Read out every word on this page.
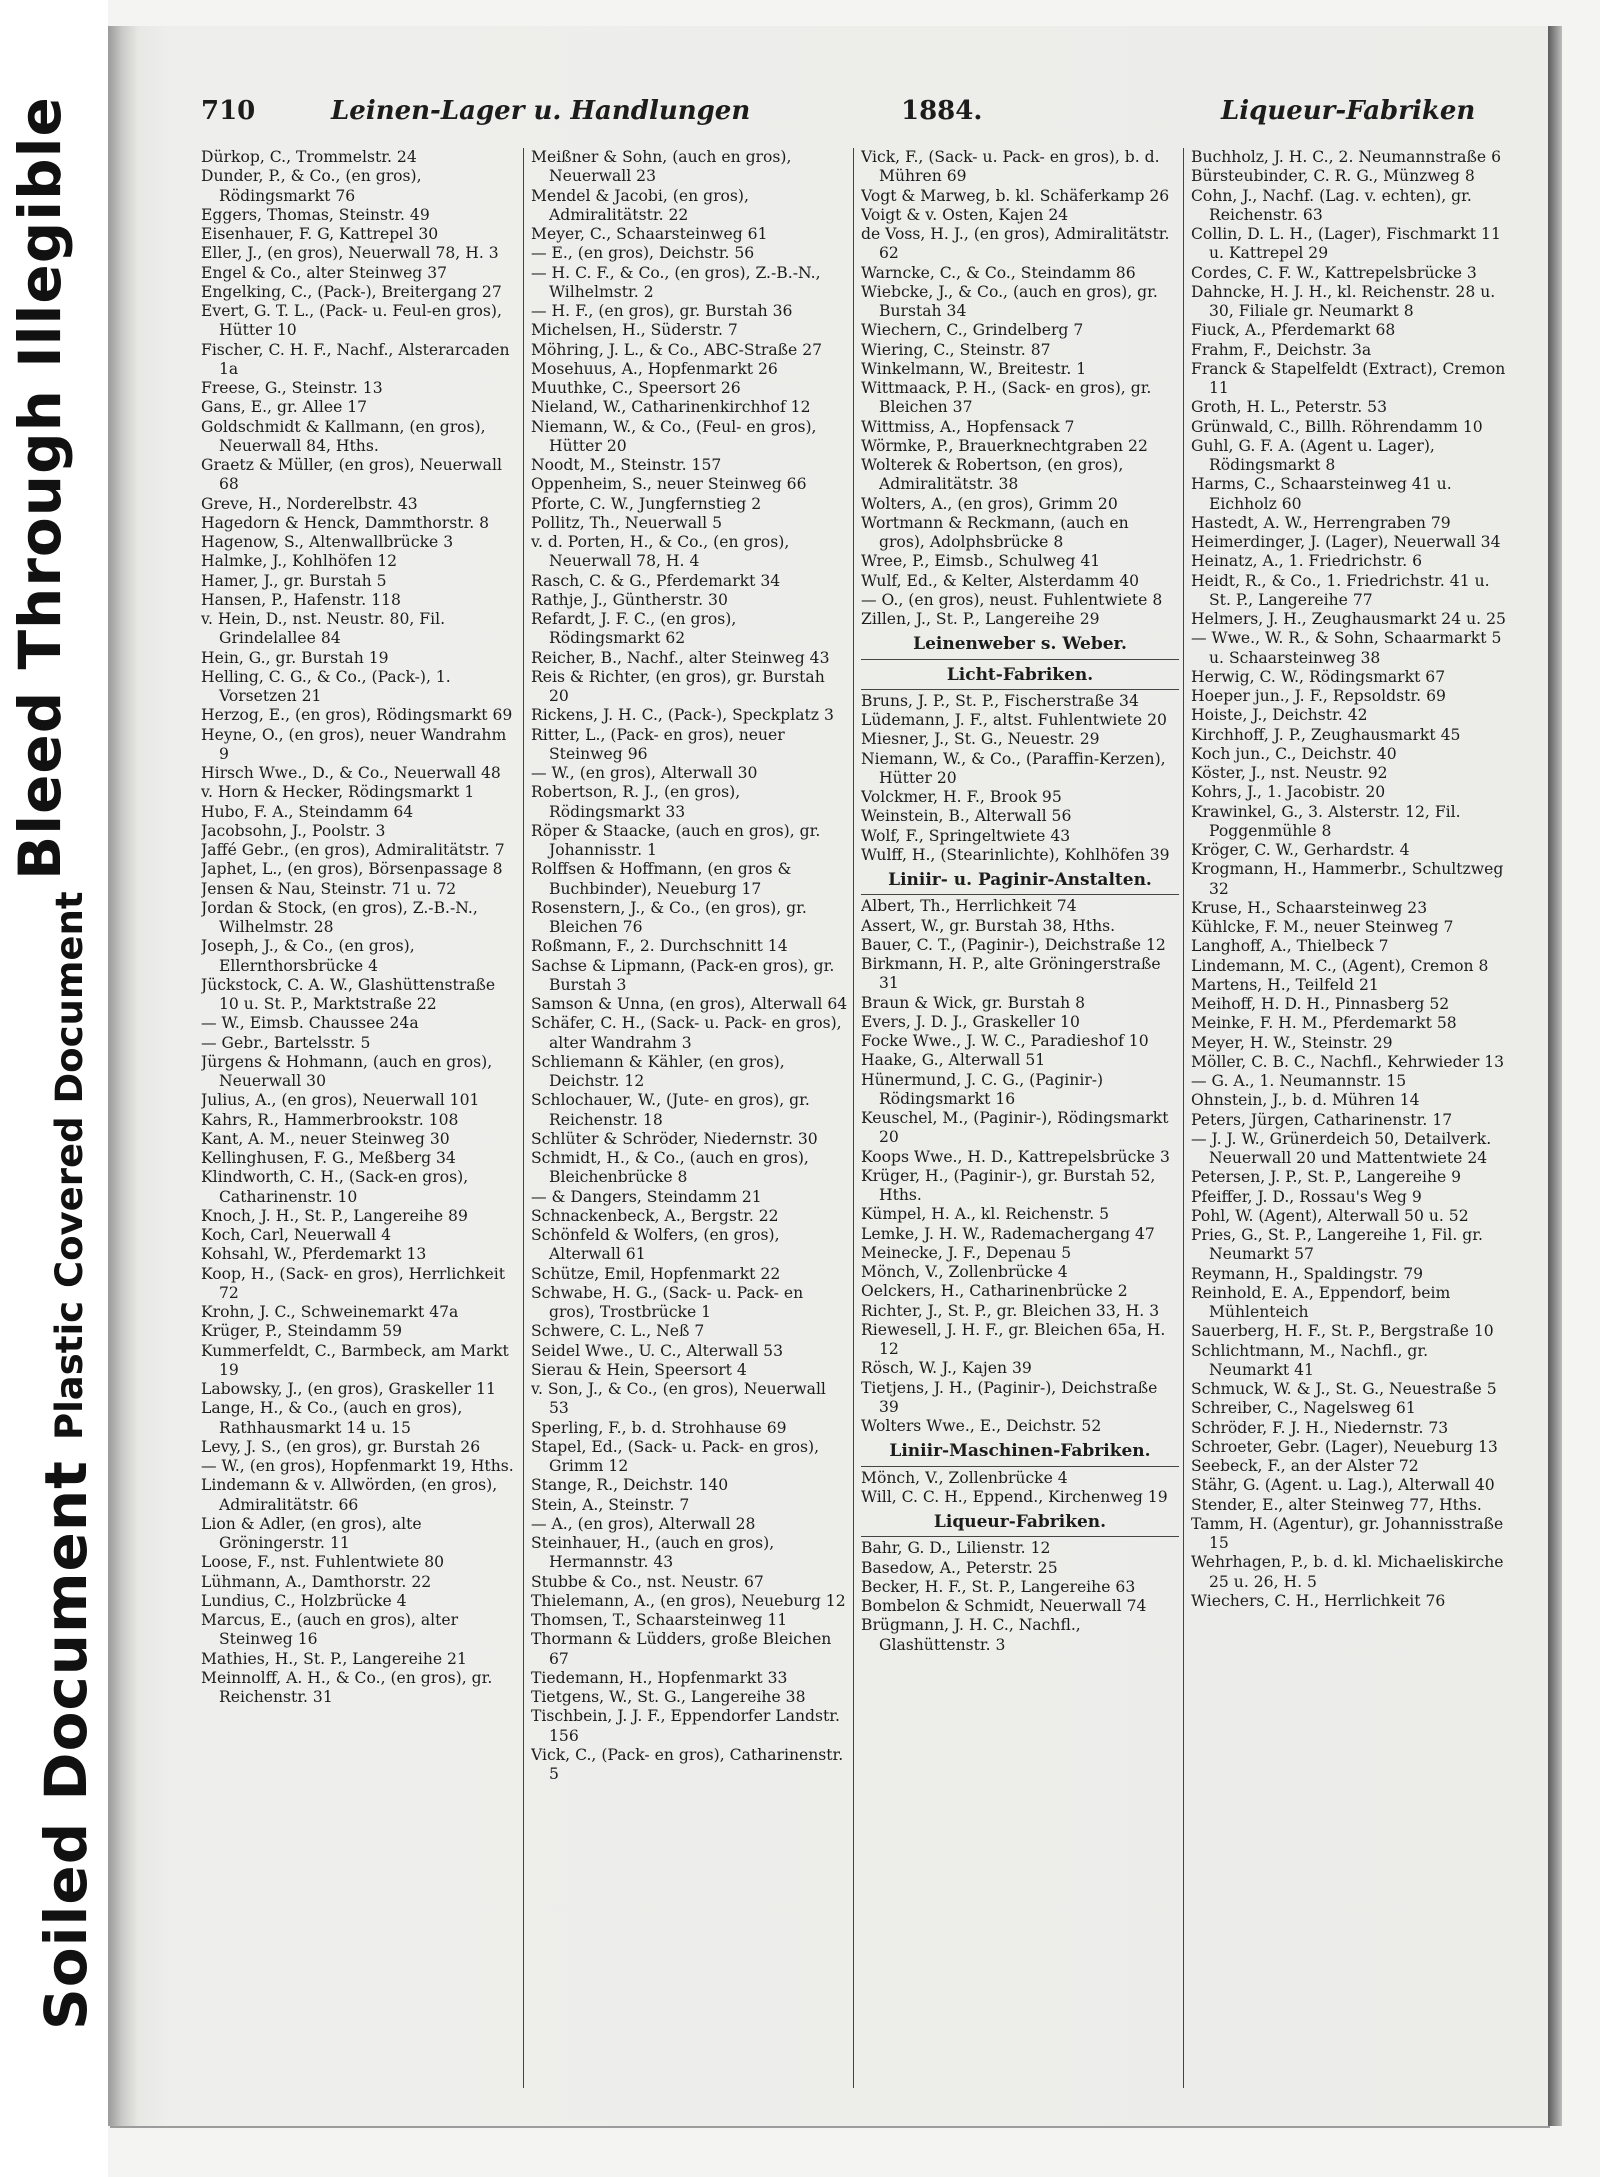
Soiled Document
Plastic Covered Document
Bleed Through Illegible	710	Leinen-Lager u. Handlungen	1884.	Liqueur-Fabriken
Dürkop, C., Trommelstr. 24
Dunder, P., & Co., (en gros), Rödingsmarkt 76
Eggers, Thomas, Steinstr. 49
Eisenhauer, F. G, Kattrepel 30
Eller, J., (en gros), Neuerwall 78, H. 3
Engel & Co., alter Steinweg 37
Engelking, C., (Pack-), Breitergang 27
Evert, G. T. L., (Pack- u. Feul-en gros), Hütter 10
Fischer, C. H. F., Nachf., Alsterarcaden 1a
Freese, G., Steinstr. 13
Gans, E., gr. Allee 17
Goldschmidt & Kallmann, (en gros), Neuerwall 84, Hths.
Graetz & Müller, (en gros), Neuerwall 68
Greve, H., Norderelbstr. 43
Hagedorn & Henck, Dammthorstr. 8
Hagenow, S., Altenwallbrücke 3
Halmke, J., Kohlhöfen 12
Hamer, J., gr. Burstah 5
Hansen, P., Hafenstr. 118
v. Hein, D., nst. Neustr. 80, Fil. Grindelallee 84
Hein, G., gr. Burstah 19
Helling, C. G., & Co., (Pack-), 1. Vorsetzen 21
Herzog, E., (en gros), Rödingsmarkt 69
Heyne, O., (en gros), neuer Wandrahm 9
Hirsch Wwe., D., & Co., Neuerwall 48
v. Horn & Hecker, Rödingsmarkt 1
Hubo, F. A., Steindamm 64
Jacobsohn, J., Poolstr. 3
Jaffé Gebr., (en gros), Admiralitätstr. 7
Japhet, L., (en gros), Börsenpassage 8
Jensen & Nau, Steinstr. 71 u. 72
Jordan & Stock, (en gros), Z.-B.-N., Wilhelmstr. 28
Joseph, J., & Co., (en gros), Ellernthorsbrücke 4
Jückstock, C. A. W., Glashüttenstraße 10 u. St. P., Marktstraße 22
— W., Eimsb. Chaussee 24a
— Gebr., Bartelsstr. 5
Jürgens & Hohmann, (auch en gros), Neuerwall 30
Julius, A., (en gros), Neuerwall 101
Kahrs, R., Hammerbrookstr. 108
Kant, A. M., neuer Steinweg 30
Kellinghusen, F. G., Meßberg 34
Klindworth, C. H., (Sack-en gros), Catharinenstr. 10
Knoch, J. H., St. P., Langereihe 89
Koch, Carl, Neuerwall 4
Kohsahl, W., Pferdemarkt 13
Koop, H., (Sack- en gros), Herrlichkeit 72
Krohn, J. C., Schweinemarkt 47a
Krüger, P., Steindamm 59
Kummerfeldt, C., Barmbeck, am Markt 19
Labowsky, J., (en gros), Graskeller 11
Lange, H., & Co., (auch en gros), Rathhausmarkt 14 u. 15
Levy, J. S., (en gros), gr. Burstah 26
— W., (en gros), Hopfenmarkt 19, Hths.
Lindemann & v. Allwörden, (en gros), Admiralitätstr. 66
Lion & Adler, (en gros), alte Gröningerstr. 11
Loose, F., nst. Fuhlentwiete 80
Lühmann, A., Damthorstr. 22
Lundius, C., Holzbrücke 4
Marcus, E., (auch en gros), alter Steinweg 16
Mathies, H., St. P., Langereihe 21
Meinnolff, A. H., & Co., (en gros), gr. Reichenstr. 31
Meißner & Sohn, (auch en gros), Neuerwall 23
Mendel & Jacobi, (en gros), Admiralitätstr. 22
Meyer, C., Schaarsteinweg 61
— E., (en gros), Deichstr. 56
— H. C. F., & Co., (en gros), Z.-B.-N., Wilhelmstr. 2
— H. F., (en gros), gr. Burstah 36
Michelsen, H., Süderstr. 7
Möhring, J. L., & Co., ABC-Straße 27
Mosehuus, A., Hopfenmarkt 26
Muuthke, C., Speersort 26
Nieland, W., Catharinenkirchhof 12
Niemann, W., & Co., (Feul- en gros), Hütter 20
Noodt, M., Steinstr. 157
Oppenheim, S., neuer Steinweg 66
Pforte, C. W., Jungfernstieg 2
Pollitz, Th., Neuerwall 5
v. d. Porten, H., & Co., (en gros), Neuerwall 78, H. 4
Rasch, C. & G., Pferdemarkt 34
Rathje, J., Güntherstr. 30
Refardt, J. F. C., (en gros), Rödingsmarkt 62
Reicher, B., Nachf., alter Steinweg 43
Reis & Richter, (en gros), gr. Burstah 20
Rickens, J. H. C., (Pack-), Speckplatz 3
Ritter, L., (Pack- en gros), neuer Steinweg 96
— W., (en gros), Alterwall 30
Robertson, R. J., (en gros), Rödingsmarkt 33
Röper & Staacke, (auch en gros), gr. Johannisstr. 1
Rolffsen & Hoffmann, (en gros & Buchbinder), Neueburg 17
Rosenstern, J., & Co., (en gros), gr. Bleichen 76
Roßmann, F., 2. Durchschnitt 14
Sachse & Lipmann, (Pack-en gros), gr. Burstah 3
Samson & Unna, (en gros), Alterwall 64
Schäfer, C. H., (Sack- u. Pack- en gros), alter Wandrahm 3
Schliemann & Kähler, (en gros), Deichstr. 12
Schlochauer, W., (Jute- en gros), gr. Reichenstr. 18
Schlüter & Schröder, Niedernstr. 30
Schmidt, H., & Co., (auch en gros), Bleichenbrücke 8
— & Dangers, Steindamm 21
Schnackenbeck, A., Bergstr. 22
Schönfeld & Wolfers, (en gros), Alterwall 61
Schütze, Emil, Hopfenmarkt 22
Schwabe, H. G., (Sack- u. Pack- en gros), Trostbrücke 1
Schwere, C. L., Neß 7
Seidel Wwe., U. C., Alterwall 53
Sierau & Hein, Speersort 4
v. Son, J., & Co., (en gros), Neuerwall 53
Sperling, F., b. d. Strohhause 69
Stapel, Ed., (Sack- u. Pack- en gros), Grimm 12
Stange, R., Deichstr. 140
Stein, A., Steinstr. 7
— A., (en gros), Alterwall 28
Steinhauer, H., (auch en gros), Hermannstr. 43
Stubbe & Co., nst. Neustr. 67
Thielemann, A., (en gros), Neueburg 12
Thomsen, T., Schaarsteinweg 11
Thormann & Lüdders, große Bleichen 67
Tiedemann, H., Hopfenmarkt 33
Tietgens, W., St. G., Langereihe 38
Tischbein, J. J. F., Eppendorfer Landstr. 156
Vick, C., (Pack- en gros), Catharinenstr. 5
Vick, F., (Sack- u. Pack- en gros), b. d. Mühren 69
Vogt & Marweg, b. kl. Schäferkamp 26
Voigt & v. Osten, Kajen 24
de Voss, H. J., (en gros), Admiralitätstr. 62
Warncke, C., & Co., Steindamm 86
Wiebcke, J., & Co., (auch en gros), gr. Burstah 34
Wiechern, C., Grindelberg 7
Wiering, C., Steinstr. 87
Winkelmann, W., Breitestr. 1
Wittmaack, P. H., (Sack- en gros), gr. Bleichen 37
Wittmiss, A., Hopfensack 7
Wörmke, P., Brauerknechtgraben 22
Wolterek & Robertson, (en gros), Admiralitätstr. 38
Wolters, A., (en gros), Grimm 20
Wortmann & Reckmann, (auch en gros), Adolphsbrücke 8
Wree, P., Eimsb., Schulweg 41
Wulf, Ed., & Kelter, Alsterdamm 40
— O., (en gros), neust. Fuhlentwiete 8
Zillen, J., St. P., Langereihe 29
Leinenweber s. Weber.
Licht-Fabriken.
Bruns, J. P., St. P., Fischerstraße 34
Lüdemann, J. F., altst. Fuhlentwiete 20
Miesner, J., St. G., Neuestr. 29
Niemann, W., & Co., (Paraffin-Kerzen), Hütter 20
Volckmer, H. F., Brook 95
Weinstein, B., Alterwall 56
Wolf, F., Springeltwiete 43
Wulff, H., (Stearinlichte), Kohlhöfen 39
Liniir- u. Paginir-Anstalten.
Albert, Th., Herrlichkeit 74
Assert, W., gr. Burstah 38, Hths.
Bauer, C. T., (Paginir-), Deichstraße 12
Birkmann, H. P., alte Gröningerstraße 31
Braun & Wick, gr. Burstah 8
Evers, J. D. J., Graskeller 10
Focke Wwe., J. W. C., Paradieshof 10
Haake, G., Alterwall 51
Hünermund, J. C. G., (Paginir-) Rödingsmarkt 16
Keuschel, M., (Paginir-), Rödingsmarkt 20
Koops Wwe., H. D., Kattrepelsbrücke 3
Krüger, H., (Paginir-), gr. Burstah 52, Hths.
Kümpel, H. A., kl. Reichenstr. 5
Lemke, J. H. W., Rademachergang 47
Meinecke, J. F., Depenau 5
Mönch, V., Zollenbrücke 4
Oelckers, H., Catharinenbrücke 2
Richter, J., St. P., gr. Bleichen 33, H. 3
Riewesell, J. H. F., gr. Bleichen 65a, H. 12
Rösch, W. J., Kajen 39
Tietjens, J. H., (Paginir-), Deichstraße 39
Wolters Wwe., E., Deichstr. 52
Liniir-Maschinen-Fabriken.
Mönch, V., Zollenbrücke 4
Will, C. C. H., Eppend., Kirchenweg 19
Liqueur-Fabriken.
Bahr, G. D., Lilienstr. 12
Basedow, A., Peterstr. 25
Becker, H. F., St. P., Langereihe 63
Bombelon & Schmidt, Neuerwall 74
Brügmann, J. H. C., Nachfl., Glashüttenstr. 3
Buchholz, J. H. C., 2. Neumannstraße 6
Bürsteubinder, C. R. G., Münzweg 8
Cohn, J., Nachf. (Lag. v. echten), gr. Reichenstr. 63
Collin, D. L. H., (Lager), Fischmarkt 11 u. Kattrepel 29
Cordes, C. F. W., Kattrepelsbrücke 3
Dahncke, H. J. H., kl. Reichenstr. 28 u. 30, Filiale gr. Neumarkt 8
Fiuck, A., Pferdemarkt 68
Frahm, F., Deichstr. 3a
Franck & Stapelfeldt (Extract), Cremon 11
Groth, H. L., Peterstr. 53
Grünwald, C., Billh. Röhrendamm 10
Guhl, G. F. A. (Agent u. Lager), Rödingsmarkt 8
Harms, C., Schaarsteinweg 41 u. Eichholz 60
Hastedt, A. W., Herrengraben 79
Heimerdinger, J. (Lager), Neuerwall 34
Heinatz, A., 1. Friedrichstr. 6
Heidt, R., & Co., 1. Friedrichstr. 41 u. St. P., Langereihe 77
Helmers, J. H., Zeughausmarkt 24 u. 25
— Wwe., W. R., & Sohn, Schaarmarkt 5 u. Schaarsteinweg 38
Herwig, C. W., Rödingsmarkt 67
Hoeper jun., J. F., Repsoldstr. 69
Hoiste, J., Deichstr. 42
Kirchhoff, J. P., Zeughausmarkt 45
Koch jun., C., Deichstr. 40
Köster, J., nst. Neustr. 92
Kohrs, J., 1. Jacobistr. 20
Krawinkel, G., 3. Alsterstr. 12, Fil. Poggenmühle 8
Kröger, C. W., Gerhardstr. 4
Krogmann, H., Hammerbr., Schultzweg 32
Kruse, H., Schaarsteinweg 23
Kühlcke, F. M., neuer Steinweg 7
Langhoff, A., Thielbeck 7
Lindemann, M. C., (Agent), Cremon 8
Martens, H., Teilfeld 21
Meihoff, H. D. H., Pinnasberg 52
Meinke, F. H. M., Pferdemarkt 58
Meyer, H. W., Steinstr. 29
Möller, C. B. C., Nachfl., Kehrwieder 13
— G. A., 1. Neumannstr. 15
Ohnstein, J., b. d. Mühren 14
Peters, Jürgen, Catharinenstr. 17
— J. J. W., Grünerdeich 50, Detailverk. Neuerwall 20 und Mattentwiete 24
Petersen, J. P., St. P., Langereihe 9
Pfeiffer, J. D., Rossau's Weg 9
Pohl, W. (Agent), Alterwall 50 u. 52
Pries, G., St. P., Langereihe 1, Fil. gr. Neumarkt 57
Reymann, H., Spaldingstr. 79
Reinhold, E. A., Eppendorf, beim Mühlenteich
Sauerberg, H. F., St. P., Bergstraße 10
Schlichtmann, M., Nachfl., gr. Neumarkt 41
Schmuck, W. & J., St. G., Neuestraße 5
Schreiber, C., Nagelsweg 61
Schröder, F. J. H., Niedernstr. 73
Schroeter, Gebr. (Lager), Neueburg 13
Seebeck, F., an der Alster 72
Stähr, G. (Agent. u. Lag.), Alterwall 40
Stender, E., alter Steinweg 77, Hths.
Tamm, H. (Agentur), gr. Johannisstraße 15
Wehrhagen, P., b. d. kl. Michaeliskirche 25 u. 26, H. 5
Wiechers, C. H., Herrlichkeit 76
